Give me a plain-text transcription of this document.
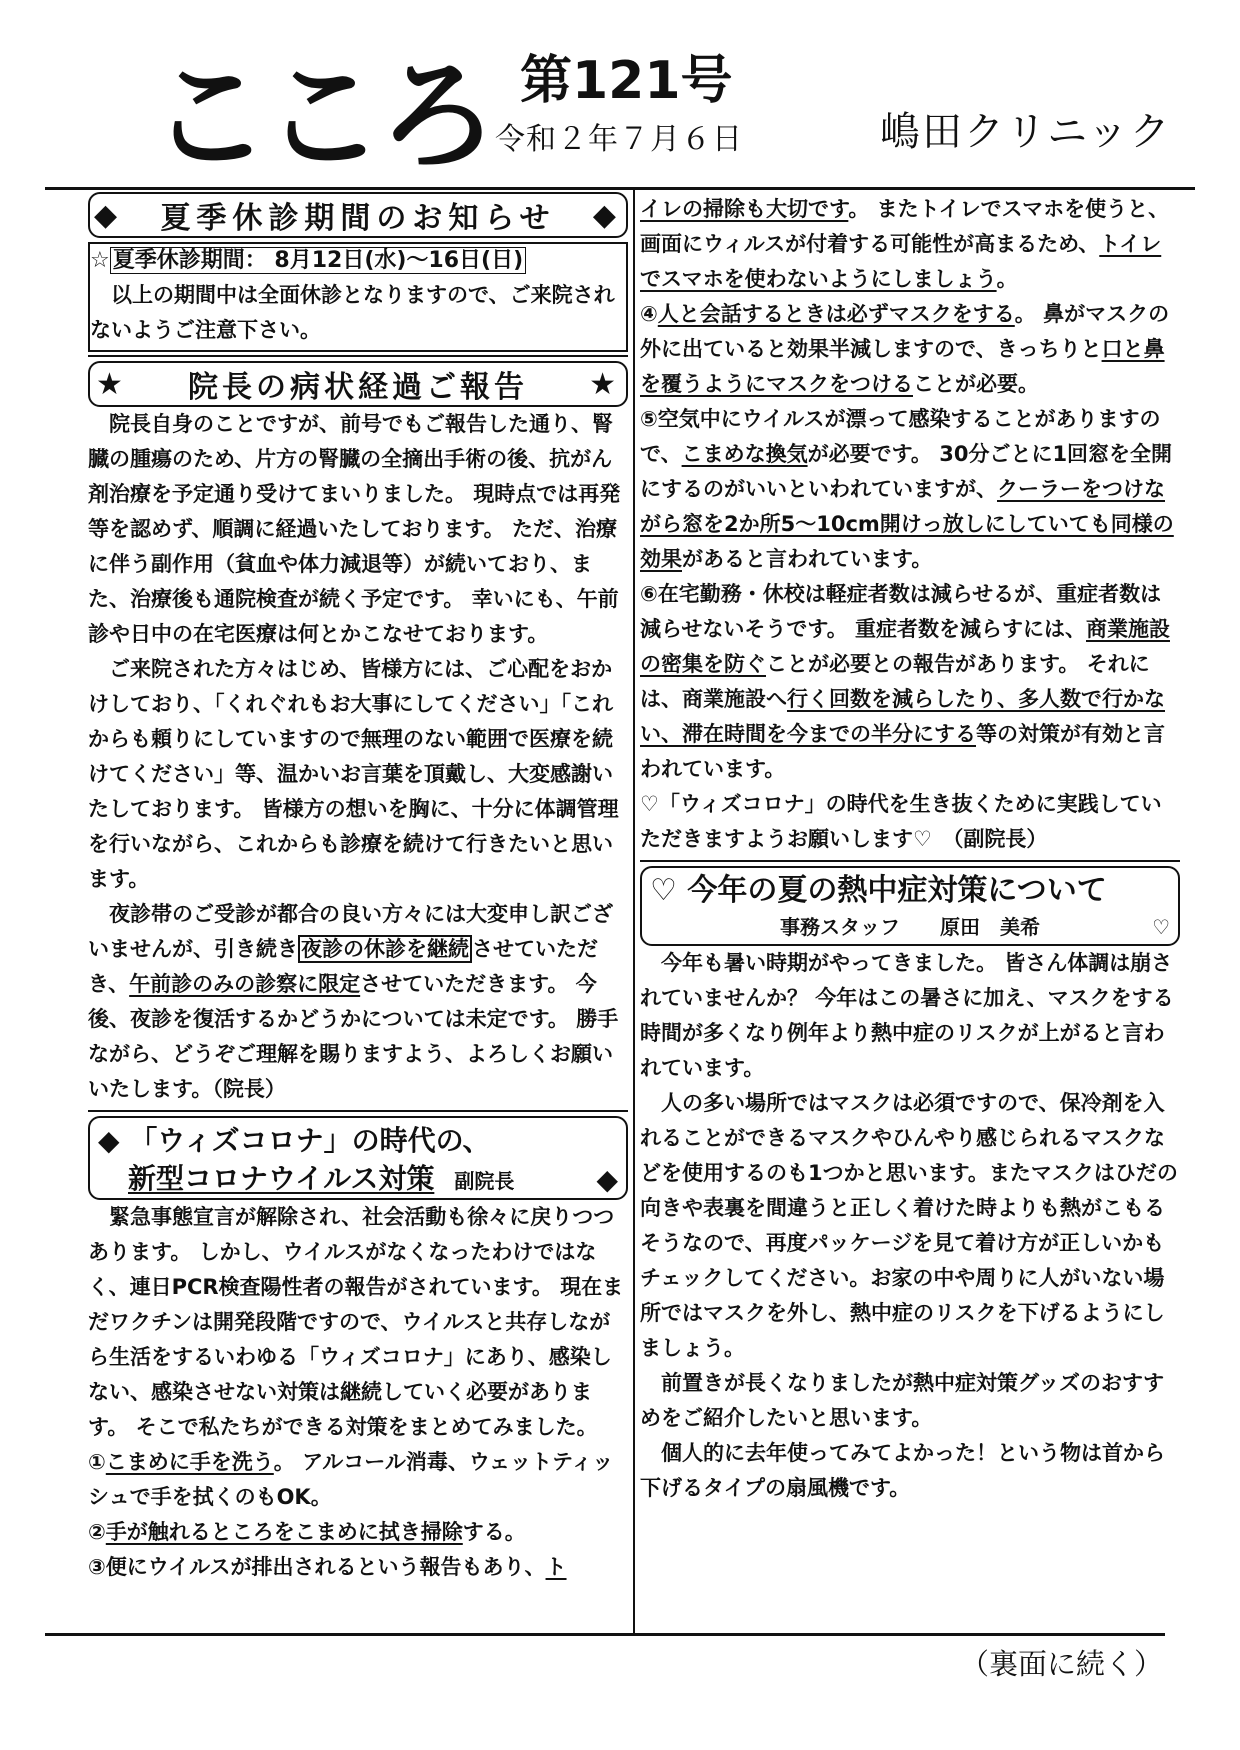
こころ 第121号
令和２年７月６日	嶋田クリニック
◆ 夏季休診期間のお知らせ ◆
☆ 夏季休診期間： 8月12日(水)～16日(日)

以上の期間中は全面休診となりますので、ご来院されないようご注意下さい。

★ 院長の病状経過ご報告 ★

院長自身のことですが、前号でもご報告した通り、腎臓の腫瘍のため、片方の腎臓の全摘出手術の後、抗がん剤治療を予定通り受けてまいりました。 現時点では再発等を認めず、順調に経過いたしております。 ただ、治療に伴う副作用（貧血や体力減退等）が続いており、また、治療後も通院検査が続く予定です。 幸いにも、午前診や日中の在宅医療は何とかこなせております。

ご来院された方々はじめ、皆様方には、ご心配をおかけしており、「くれぐれもお大事にしてください」「これからも頼りにしていますので無理のない範囲で医療を続けてください」等、温かいお言葉を頂戴し、大変感謝いたしております。 皆様方の想いを胸に、十分に体調管理を行いながら、これからも診療を続けて行きたいと思います。

夜診帯のご受診が都合の良い方々には大変申し訳ございませんが、引き続き 夜診の休診を継続 させていただき、午前診のみの診察に限定させていただきます。 今後、夜診を復活するかどうかについては未定です。 勝手ながら、どうぞご理解を賜りますよう、よろしくお願いいたします。（院長）

◆ 「ウィズコロナ」の時代の、
新型コロナウイルス対策 副院長	◆

緊急事態宣言が解除され、社会活動も徐々に戻りつつあります。 しかし、ウイルスがなくなったわけではなく、連日PCR検査陽性者の報告がされています。 現在まだワクチンは開発段階ですので、ウイルスと共存しながら生活をするいわゆる「ウィズコロナ」にあり、感染しない、感染させない対策は継続していく必要があります。 そこで私たちができる対策をまとめてみました。

①こまめに手を洗う。 アルコール消毒、ウェットティッシュで手を拭くのもOK。

②手が触れるところをこまめに拭き掃除する。

③便にウイルスが排出されるという報告もあり、ト

イレの掃除も大切です。 またトイレでスマホを使うと、画面にウィルスが付着する可能性が高まるため、トイレでスマホを使わないようにしましょう。

④人と会話するときは必ずマスクをする。 鼻がマスクの外に出ていると効果半減しますので、きっちりと口と鼻を覆うようにマスクをつけることが必要。

⑤空気中にウイルスが漂って感染することがありますので、こまめな換気が必要です。 30分ごとに1回窓を全開にするのがいいといわれていますが、クーラーをつけながら窓を2か所5～10cm開けっ放しにしていても同様の効果があると言われています。

⑥在宅勤務・休校は軽症者数は減らせるが、重症者数は減らせないそうです。 重症者数を減らすには、商業施設の密集を防ぐことが必要との報告があります。 それには、商業施設へ行く回数を減らしたり、多人数で行かない、滞在時間を今までの半分にする等の対策が有効と言われています。

♡「ウィズコロナ」の時代を生き抜くために実践していただきますようお願いします♡　（副院長）

♡ 今年の夏の熱中症対策について
事務スタッフ　　 原田　美希	♡

今年も暑い時期がやってきました。 皆さん体調は崩されていませんか？ 今年はこの暑さに加え、マスクをする時間が多くなり例年より熱中症のリスクが上がると言われています。

人の多い場所ではマスクは必須ですので、保冷剤を入れることができるマスクやひんやり感じられるマスクなどを使用するのも1つかと思います。またマスクはひだの向きや表裏を間違うと正しく着けた時よりも熱がこもるそうなので、再度パッケージを見て着け方が正しいかもチェックしてください。お家の中や周りに人がいない場所ではマスクを外し、熱中症のリスクを下げるようにしましょう。

前置きが長くなりましたが熱中症対策グッズのおすすめをご紹介したいと思います。

個人的に去年使ってみてよかった！という物は首から下げるタイプの扇風機です。

（裏面に続く）
